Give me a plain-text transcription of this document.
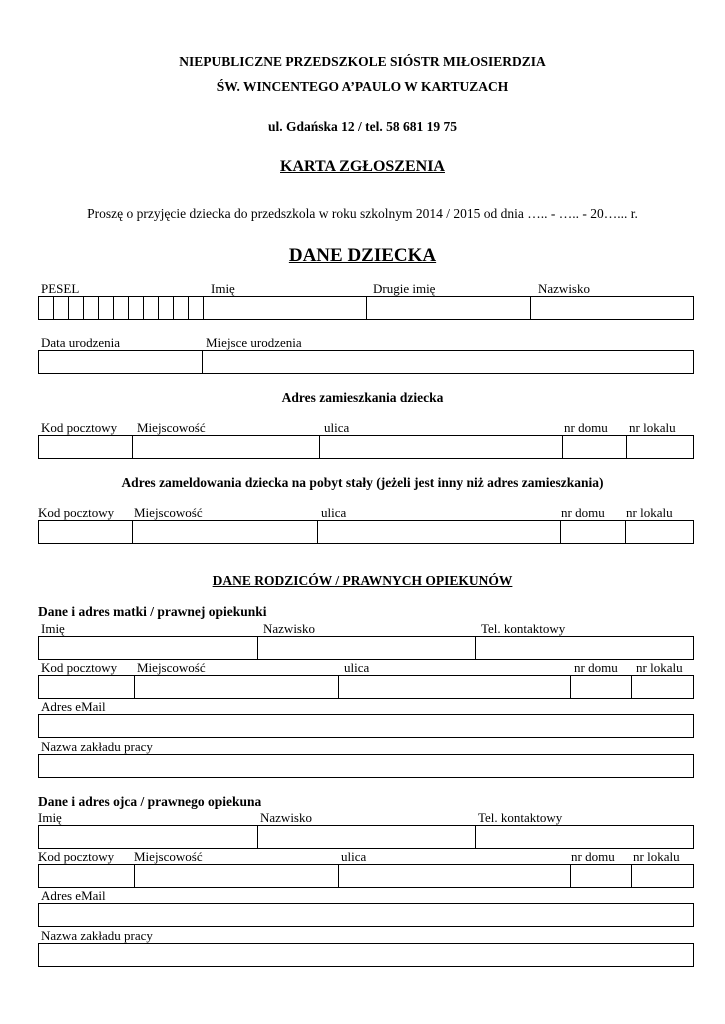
NIEPUBLICZNE PRZEDSZKOLE SIÓSTR MIŁOSIERDZIA
ŚW. WINCENTEGO A’PAULO W KARTUZACH
ul. Gdańska 12 / tel. 58 681 19 75
KARTA ZGŁOSZENIA
Proszę o przyjęcie dziecka do przedszkola w roku szkolnym 2014 / 2015 od dnia ….. - ….. - 20…... r.
DANE DZIECKA
PESEL	Imię	Drugie imię	Nazwisko
Data urodzenia	Miejsce urodzenia
Adres zamieszkania dziecka
Kod pocztowy Miejscowość	ulica	nr domu nr lokalu
Adres zameldowania dziecka na pobyt stały (jeżeli jest inny niż adres zamieszkania)
Kod pocztowy Miejscowość	ulica	nr domu nr lokalu
DANE RODZICÓW / PRAWNYCH OPIEKUNÓW
Dane i adres matki / prawnej opiekunki
Imię	Nazwisko	Tel. kontaktowy
Kod pocztowy Miejscowość	ulica	nr domu nr lokalu
Adres eMail
Nazwa zakładu pracy
Dane i adres ojca / prawnego opiekuna
Imię	Nazwisko	Tel. kontaktowy
Kod pocztowy Miejscowość	ulica	nr domu nr lokalu
Adres eMail
Nazwa zakładu pracy
